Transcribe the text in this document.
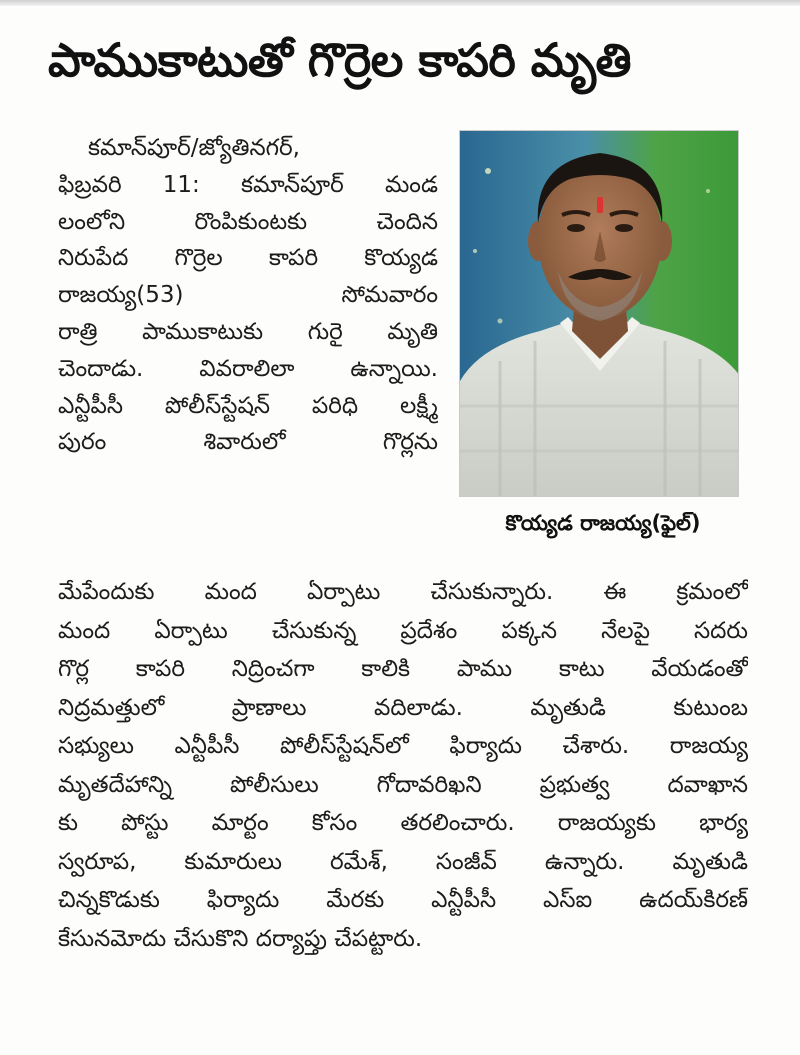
పాముకాటుతో గొర్రెల కాపరి మృతి
కమాన్‌పూర్‌/జ్యోతినగర్‌,
ఫిబ్రవరి 11: కమాన్‌పూర్‌ మండ
లంలోని రొంపికుంటకు చెందిన
నిరుపేద గొర్రెల కాపరి కొయ్యడ
రాజయ్య(53) సోమవారం
రాత్రి పాముకాటుకు గురై మృతి
చెందాడు. వివరాలిలా ఉన్నాయి.
ఎన్టీపీసీ పోలీస్‌స్టేషన్‌ పరిధి లక్ష్మీ
పురం శివారులో గొర్లను
కొయ్యడ రాజయ్య(ఫైల్‌)
మేపేందుకు మంద ఏర్పాటు చేసుకున్నారు. ఈ క్రమంలో
మంద ఏర్పాటు చేసుకున్న ప్రదేశం పక్కన నేలపై సదరు
గొర్ల కాపరి నిద్రించగా కాలికి పాము కాటు వేయడంతో
నిద్రమత్తులో ప్రాణాలు వదిలాడు. మృతుడి కుటుంబ
సభ్యులు ఎన్టీపీసీ పోలీస్‌స్టేషన్‌లో ఫిర్యాదు చేశారు. రాజయ్య
మృతదేహాన్ని పోలీసులు గోదావరిఖని ప్రభుత్వ దవాఖాన
కు పోస్టు మార్టం కోసం తరలించారు. రాజయ్యకు భార్య
స్వరూప, కుమారులు రమేశ్‌, సంజీవ్‌ ఉన్నారు. మృతుడి
చిన్నకొడుకు ఫిర్యాదు మేరకు ఎన్టీపీసీ ఎస్‌ఐ ఉదయ్‌కిరణ్‌
కేసునమోదు చేసుకొని దర్యాప్తు చేపట్టారు.
